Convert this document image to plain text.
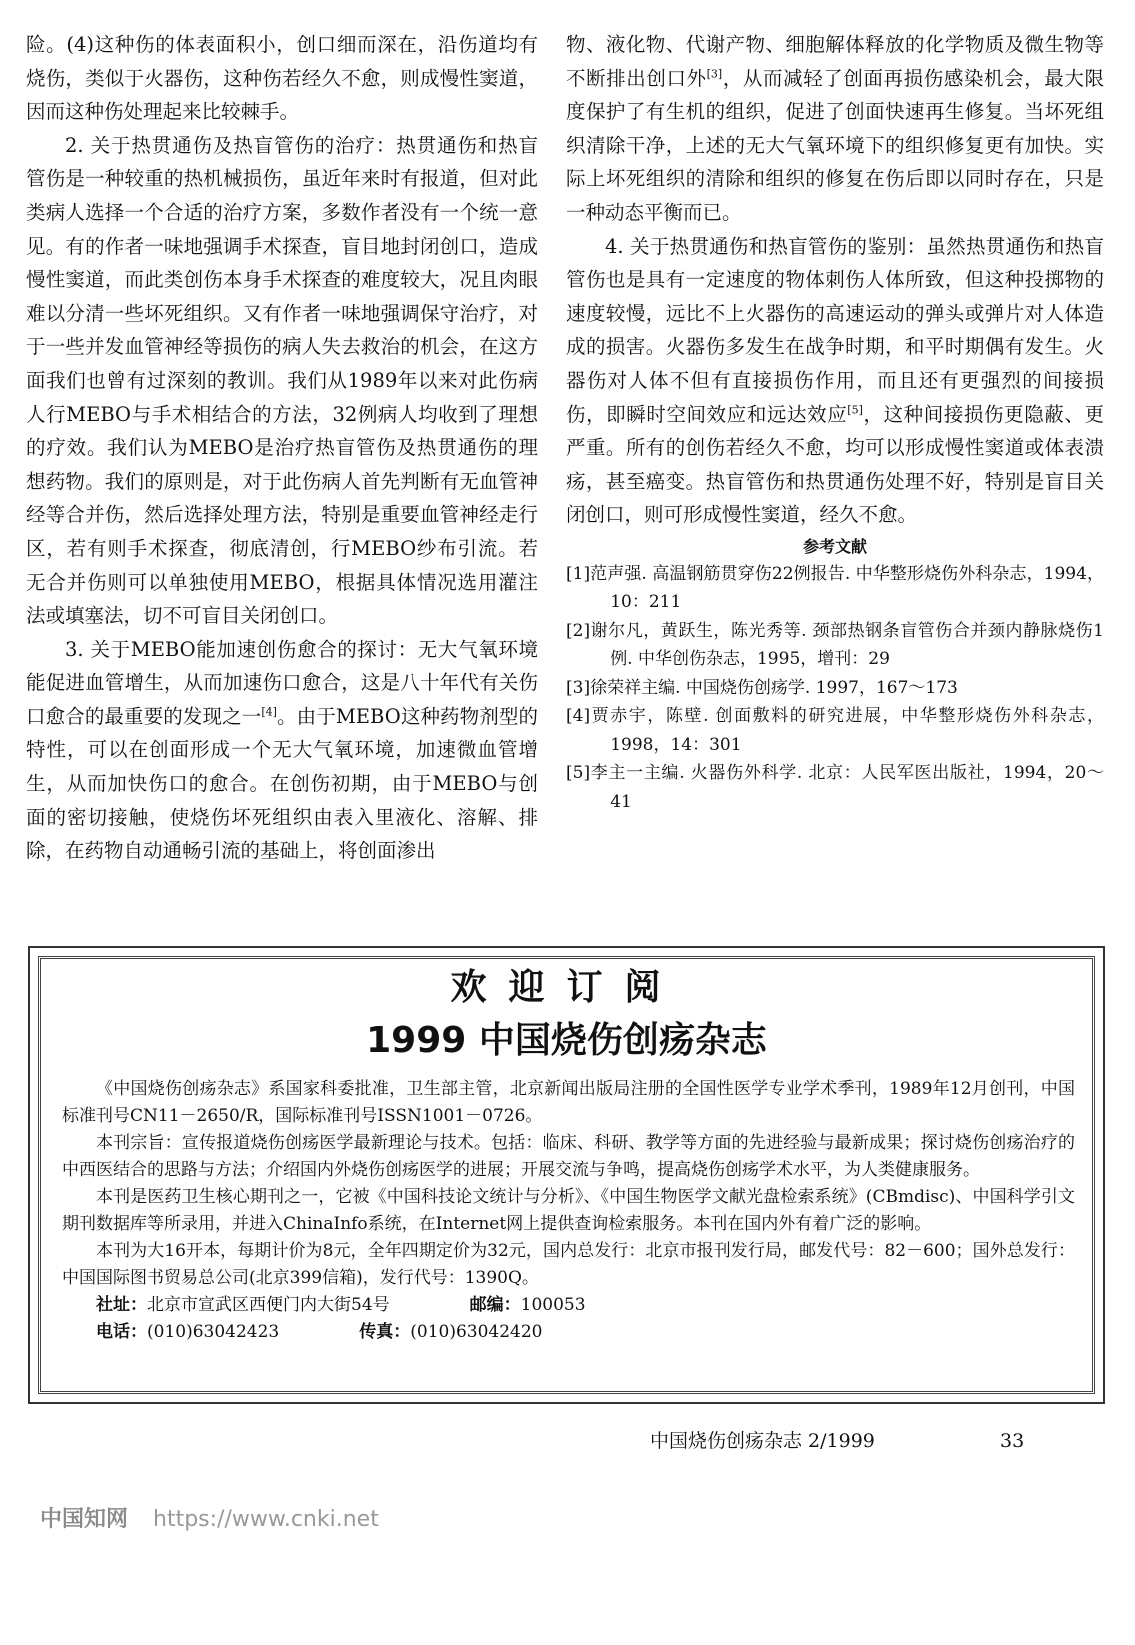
险。(4)这种伤的体表面积小，创口细而深在，沿伤道均有烧伤，类似于火器伤，这种伤若经久不愈，则成慢性窦道，因而这种伤处理起来比较棘手。

2. 关于热贯通伤及热盲管伤的治疗：热贯通伤和热盲管伤是一种较重的热机械损伤，虽近年来时有报道，但对此类病人选择一个合适的治疗方案，多数作者没有一个统一意见。有的作者一味地强调手术探查，盲目地封闭创口，造成慢性窦道，而此类创伤本身手术探查的难度较大，况且肉眼难以分清一些坏死组织。又有作者一味地强调保守治疗，对于一些并发血管神经等损伤的病人失去救治的机会，在这方面我们也曾有过深刻的教训。我们从1989年以来对此伤病人行MEBO与手术相结合的方法，32例病人均收到了理想的疗效。我们认为MEBO是治疗热盲管伤及热贯通伤的理想药物。我们的原则是，对于此伤病人首先判断有无血管神经等合并伤，然后选择处理方法，特别是重要血管神经走行区，若有则手术探查，彻底清创，行MEBO纱布引流。若无合并伤则可以单独使用MEBO，根据具体情况选用灌注法或填塞法，切不可盲目关闭创口。

3. 关于MEBO能加速创伤愈合的探讨：无大气氧环境能促进血管增生，从而加速伤口愈合，这是八十年代有关伤口愈合的最重要的发现之一[4]。由于MEBO这种药物剂型的特性，可以在创面形成一个无大气氧环境，加速微血管增生，从而加快伤口的愈合。在创伤初期，由于MEBO与创面的密切接触，使烧伤坏死组织由表入里液化、溶解、排除，在药物自动通畅引流的基础上，将创面渗出

物、液化物、代谢产物、细胞解体释放的化学物质及微生物等不断排出创口外[3]，从而减轻了创面再损伤感染机会，最大限度保护了有生机的组织，促进了创面快速再生修复。当坏死组织清除干净，上述的无大气氧环境下的组织修复更有加快。实际上坏死组织的清除和组织的修复在伤后即以同时存在，只是一种动态平衡而已。

4. 关于热贯通伤和热盲管伤的鉴别：虽然热贯通伤和热盲管伤也是具有一定速度的物体刺伤人体所致，但这种投掷物的速度较慢，远比不上火器伤的高速运动的弹头或弹片对人体造成的损害。火器伤多发生在战争时期，和平时期偶有发生。火器伤对人体不但有直接损伤作用，而且还有更强烈的间接损伤，即瞬时空间效应和远达效应[5]，这种间接损伤更隐蔽、更严重。所有的创伤若经久不愈，均可以形成慢性窦道或体表溃疡，甚至癌变。热盲管伤和热贯通伤处理不好，特别是盲目关闭创口，则可形成慢性窦道，经久不愈。

参考文献

[1]范声强. 高温钢筋贯穿伤22例报告. 中华整形烧伤外科杂志，1994，10：211

[2]谢尔凡，黄跃生，陈光秀等. 颈部热钢条盲管伤合并颈内静脉烧伤1例. 中华创伤杂志，1995，增刊：29

[3]徐荣祥主编. 中国烧伤创疡学. 1997，167～173

[4]贾赤宇，陈壁. 创面敷料的研究进展，中华整形烧伤外科杂志，1998，14：301

[5]李主一主编. 火器伤外科学. 北京：人民军医出版社，1994，20～41

欢迎订阅
1999 中国烧伤创疡杂志

《中国烧伤创疡杂志》系国家科委批准，卫生部主管，北京新闻出版局注册的全国性医学专业学术季刊，1989年12月创刊，中国标准刊号CN11－2650/R，国际标准刊号ISSN1001－0726。

本刊宗旨：宣传报道烧伤创疡医学最新理论与技术。包括：临床、科研、教学等方面的先进经验与最新成果；探讨烧伤创疡治疗的中西医结合的思路与方法；介绍国内外烧伤创疡医学的进展；开展交流与争鸣，提高烧伤创疡学术水平，为人类健康服务。

本刊是医药卫生核心期刊之一，它被《中国科技论文统计与分析》、《中国生物医学文献光盘检索系统》(CBmdisc)、中国科学引文期刊数据库等所录用，并进入ChinaInfo系统，在Internet网上提供查询检索服务。本刊在国内外有着广泛的影响。

本刊为大16开本，每期计价为8元，全年四期定价为32元，国内总发行：北京市报刊发行局，邮发代号：82－600；国外总发行：中国国际图书贸易总公司(北京399信箱)，发行代号：1390Q。

社址：北京市宣武区西便门内大街54号	邮编：100053

电话：(010)63042423	传真：(010)63042420

中国烧伤创疡杂志 2/1999	33
中国知网 https://www.cnki.net
